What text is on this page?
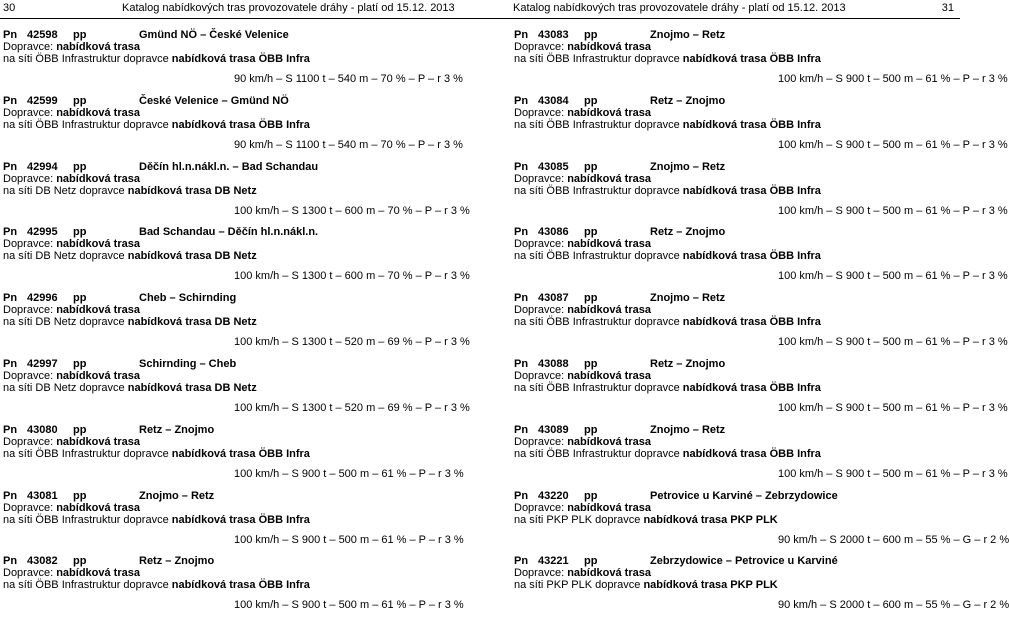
30	Katalog nabídkových tras provozovatele dráhy - platí od 15.12. 2013	Katalog nabídkových tras provozovatele dráhy - platí od 15.12. 2013	31
Pn 42598 pp	Gmünd NÖ – České Velenice
Dopravce: nabídková trasa
na síti ÖBB Infrastruktur dopravce nabídková trasa ÖBB Infra
90 km/h – S 1100 t – 540 m – 70 % – P – r 3 %
Pn 42599 pp	České Velenice – Gmünd NÖ
Dopravce: nabídková trasa
na síti ÖBB Infrastruktur dopravce nabídková trasa ÖBB Infra
90 km/h – S 1100 t – 540 m – 70 % – P – r 3 %
Pn 42994 pp	Děčín hl.n.nákl.n. – Bad Schandau
Dopravce: nabídková trasa
na síti DB Netz dopravce nabídková trasa DB Netz
100 km/h – S 1300 t – 600 m – 70 % – P – r 3 %
Pn 42995 pp	Bad Schandau – Děčín hl.n.nákl.n.
Dopravce: nabídková trasa
na síti DB Netz dopravce nabídková trasa DB Netz
100 km/h – S 1300 t – 600 m – 70 % – P – r 3 %
Pn 42996 pp	Cheb – Schirnding
Dopravce: nabídková trasa
na síti DB Netz dopravce nabídková trasa DB Netz
100 km/h – S 1300 t – 520 m – 69 % – P – r 3 %
Pn 42997 pp	Schirnding – Cheb
Dopravce: nabídková trasa
na síti DB Netz dopravce nabídková trasa DB Netz
100 km/h – S 1300 t – 520 m – 69 % – P – r 3 %
Pn 43080 pp	Retz – Znojmo
Dopravce: nabídková trasa
na síti ÖBB Infrastruktur dopravce nabídková trasa ÖBB Infra
100 km/h – S 900 t – 500 m – 61 % – P – r 3 %
Pn 43081 pp	Znojmo – Retz
Dopravce: nabídková trasa
na síti ÖBB Infrastruktur dopravce nabídková trasa ÖBB Infra
100 km/h – S 900 t – 500 m – 61 % – P – r 3 %
Pn 43082 pp	Retz – Znojmo
Dopravce: nabídková trasa
na síti ÖBB Infrastruktur dopravce nabídková trasa ÖBB Infra
100 km/h – S 900 t – 500 m – 61 % – P – r 3 %
Pn 43083 pp	Znojmo – Retz
Dopravce: nabídková trasa
na síti ÖBB Infrastruktur dopravce nabídková trasa ÖBB Infra
100 km/h – S 900 t – 500 m – 61 % – P – r 3 %
Pn 43084 pp	Retz – Znojmo
Dopravce: nabídková trasa
na síti ÖBB Infrastruktur dopravce nabídková trasa ÖBB Infra
100 km/h – S 900 t – 500 m – 61 % – P – r 3 %
Pn 43085 pp	Znojmo – Retz
Dopravce: nabídková trasa
na síti ÖBB Infrastruktur dopravce nabídková trasa ÖBB Infra
100 km/h – S 900 t – 500 m – 61 % – P – r 3 %
Pn 43086 pp	Retz – Znojmo
Dopravce: nabídková trasa
na síti ÖBB Infrastruktur dopravce nabídková trasa ÖBB Infra
100 km/h – S 900 t – 500 m – 61 % – P – r 3 %
Pn 43087 pp	Znojmo – Retz
Dopravce: nabídková trasa
na síti ÖBB Infrastruktur dopravce nabídková trasa ÖBB Infra
100 km/h – S 900 t – 500 m – 61 % – P – r 3 %
Pn 43088 pp	Retz – Znojmo
Dopravce: nabídková trasa
na síti ÖBB Infrastruktur dopravce nabídková trasa ÖBB Infra
100 km/h – S 900 t – 500 m – 61 % – P – r 3 %
Pn 43089 pp	Znojmo – Retz
Dopravce: nabídková trasa
na síti ÖBB Infrastruktur dopravce nabídková trasa ÖBB Infra
100 km/h – S 900 t – 500 m – 61 % – P – r 3 %
Pn 43220 pp	Petrovice u Karviné – Zebrzydowice
Dopravce: nabídková trasa
na síti PKP PLK dopravce nabídková trasa PKP PLK
90 km/h – S 2000 t – 600 m – 55 % – G – r 2 %
Pn 43221 pp	Zebrzydowice – Petrovice u Karviné
Dopravce: nabídková trasa
na síti PKP PLK dopravce nabídková trasa PKP PLK
90 km/h – S 2000 t – 600 m – 55 % – G – r 2 %
